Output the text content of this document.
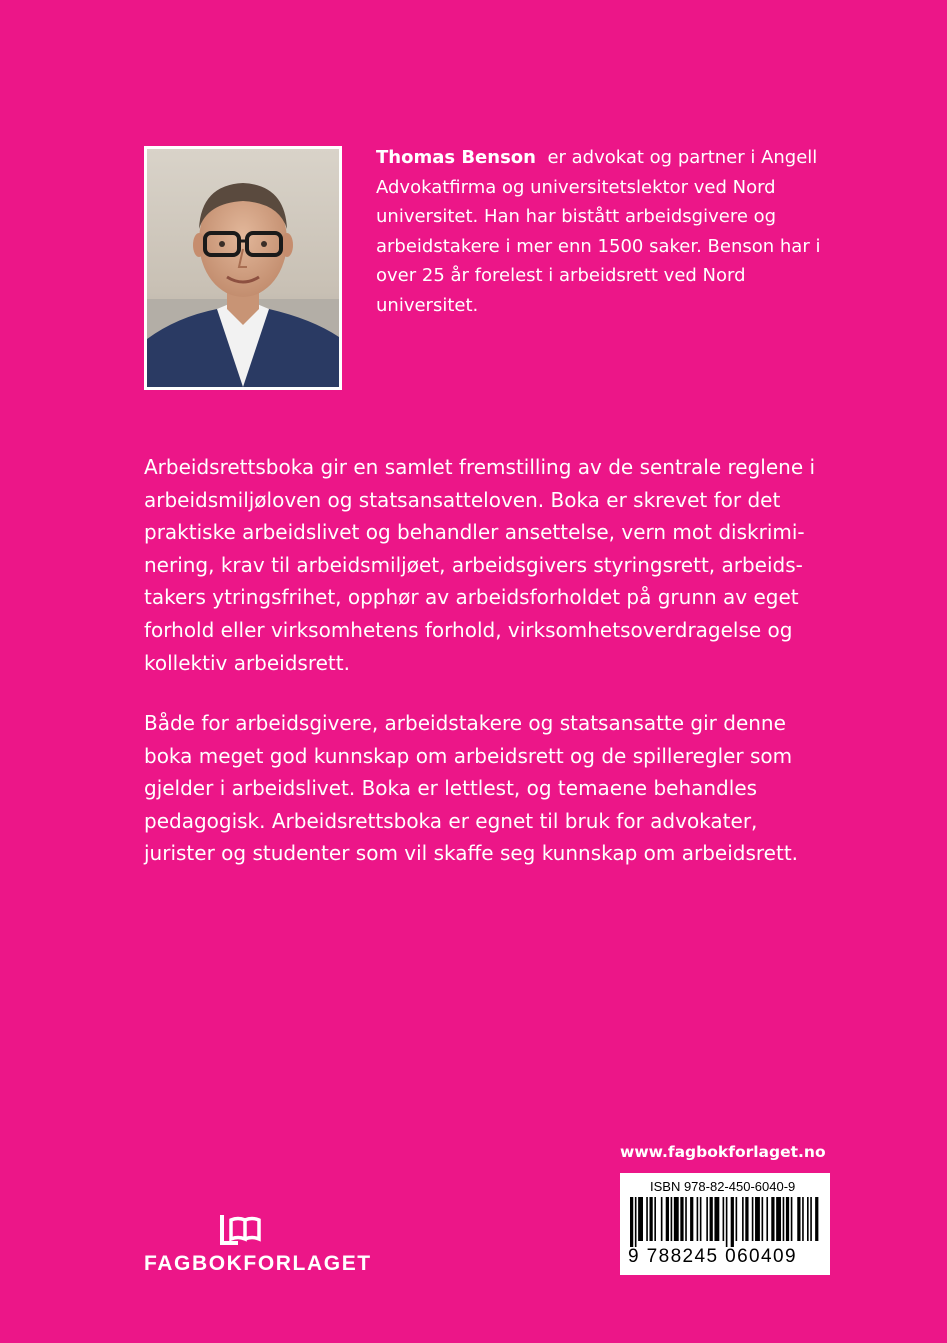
Thomas Benson er advokat og partner i Angell Advokatfirma og universitetslektor ved Nord universitet. Han har bistått arbeidsgivere og arbeidstakere i mer enn 1500 saker. Benson har i over 25 år forelest i arbeidsrett ved Nord universitet.

Arbeidsrettsboka gir en samlet fremstilling av de sentrale reglene i arbeidsmiljøloven og statsansatteloven. Boka er skrevet for det praktiske arbeidslivet og behandler ansettelse, vern mot diskriminering, krav til arbeidsmiljøet, arbeidsgivers styringsrett, arbeidstakers ytringsfrihet, opphør av arbeidsforholdet på grunn av eget forhold eller virksomhetens forhold, virksomhetsoverdragelse og kollektiv arbeidsrett.

Både for arbeidsgivere, arbeidstakere og statsansatte gir denne boka meget god kunnskap om arbeidsrett og de spilleregler som gjelder i arbeidslivet. Boka er lettlest, og temaene behandles pedagogisk. Arbeidsrettsboka er egnet til bruk for advokater, jurister og studenter som vil skaffe seg kunnskap om arbeidsrett.

www.fagbokforlaget.no

ISBN 978-82-450-6040-9

9 788245 060409

FAGBOKFORLAGET
